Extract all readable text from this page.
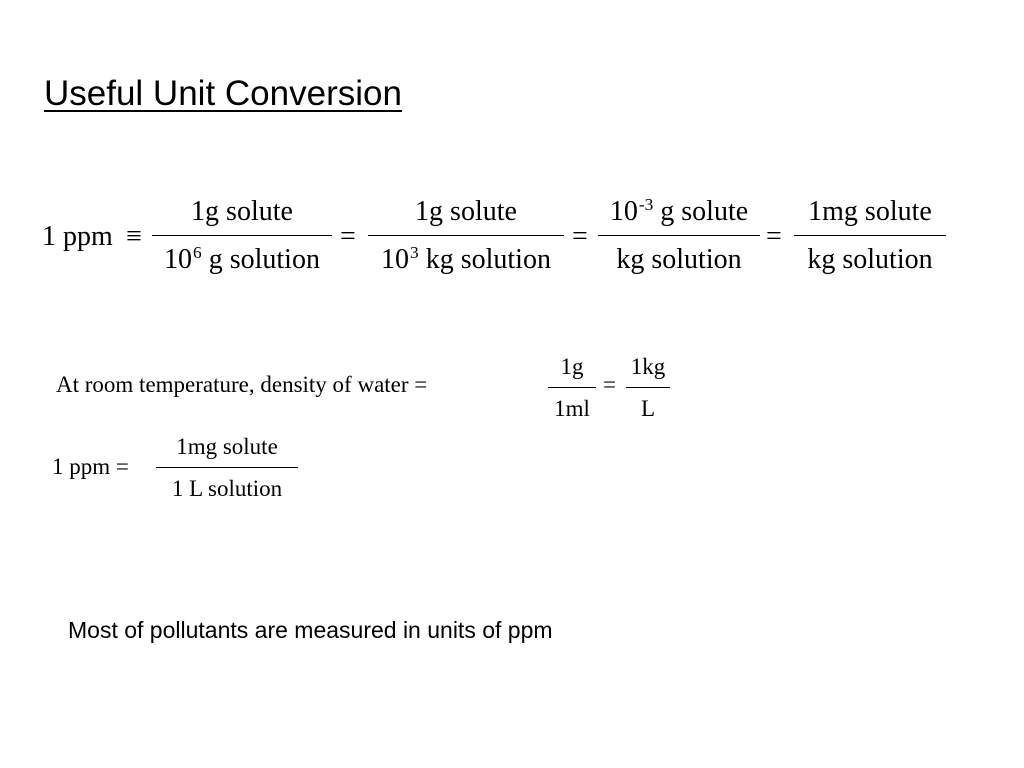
Useful Unit Conversion
1 ppm ≡
1g solute
$10^6$ g solution
=
1g solute
$10^3$ kg solution
=
$10^{-3}$ g solute
kg solution
=
1mg solute
kg solution
At room temperature, density of water =
1g
1ml
=
1kg
L
1 ppm =
1mg solute
1 L solution
Most of pollutants are measured in units of ppm
